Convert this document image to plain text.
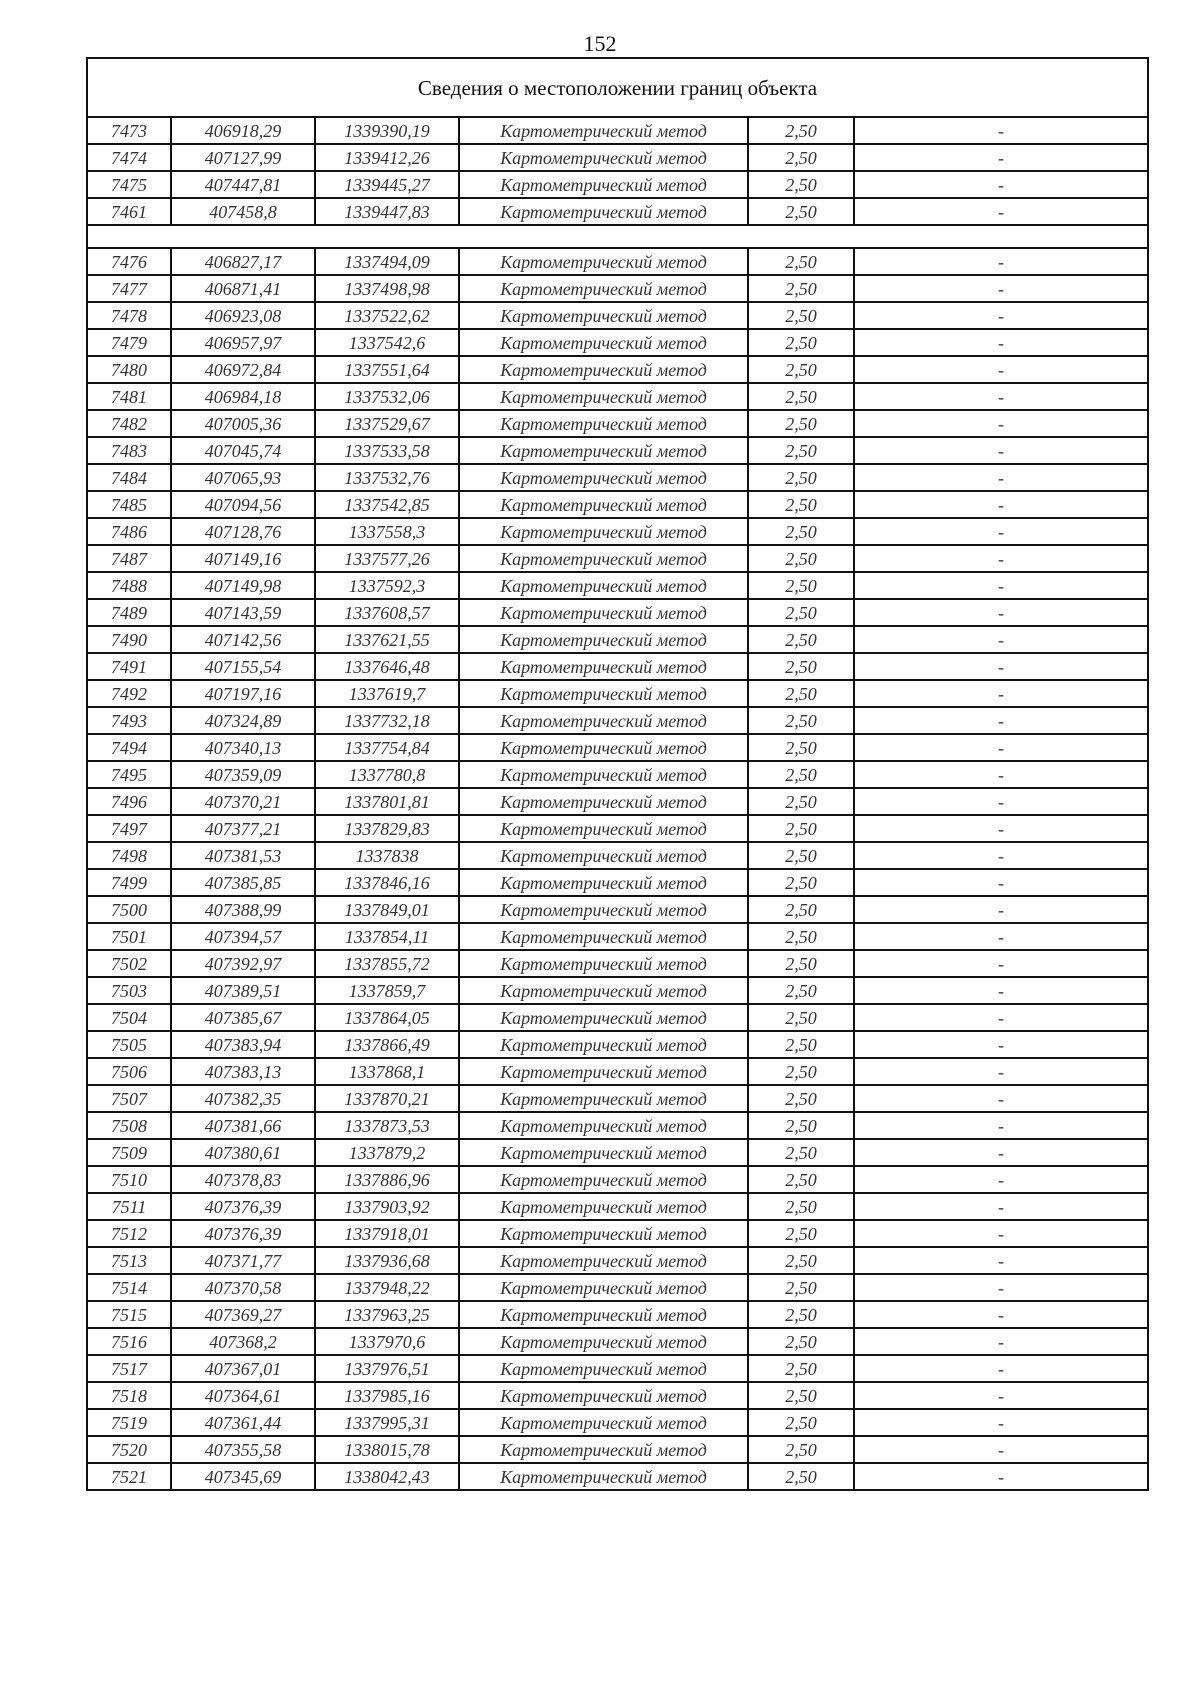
152
Сведения о местоположении границ объекта					
7473	406918,29	1339390,19	Картометрический метод	2,50	-
7474	407127,99	1339412,26	Картометрический метод	2,50	-
7475	407447,81	1339445,27	Картометрический метод	2,50	-
7461	407458,8	1339447,83	Картометрический метод	2,50	-

7476	406827,17	1337494,09	Картометрический метод	2,50	-
7477	406871,41	1337498,98	Картометрический метод	2,50	-
7478	406923,08	1337522,62	Картометрический метод	2,50	-
7479	406957,97	1337542,6	Картометрический метод	2,50	-
7480	406972,84	1337551,64	Картометрический метод	2,50	-
7481	406984,18	1337532,06	Картометрический метод	2,50	-
7482	407005,36	1337529,67	Картометрический метод	2,50	-
7483	407045,74	1337533,58	Картометрический метод	2,50	-
7484	407065,93	1337532,76	Картометрический метод	2,50	-
7485	407094,56	1337542,85	Картометрический метод	2,50	-
7486	407128,76	1337558,3	Картометрический метод	2,50	-
7487	407149,16	1337577,26	Картометрический метод	2,50	-
7488	407149,98	1337592,3	Картометрический метод	2,50	-
7489	407143,59	1337608,57	Картометрический метод	2,50	-
7490	407142,56	1337621,55	Картометрический метод	2,50	-
7491	407155,54	1337646,48	Картометрический метод	2,50	-
7492	407197,16	1337619,7	Картометрический метод	2,50	-
7493	407324,89	1337732,18	Картометрический метод	2,50	-
7494	407340,13	1337754,84	Картометрический метод	2,50	-
7495	407359,09	1337780,8	Картометрический метод	2,50	-
7496	407370,21	1337801,81	Картометрический метод	2,50	-
7497	407377,21	1337829,83	Картометрический метод	2,50	-
7498	407381,53	1337838	Картометрический метод	2,50	-
7499	407385,85	1337846,16	Картометрический метод	2,50	-
7500	407388,99	1337849,01	Картометрический метод	2,50	-
7501	407394,57	1337854,11	Картометрический метод	2,50	-
7502	407392,97	1337855,72	Картометрический метод	2,50	-
7503	407389,51	1337859,7	Картометрический метод	2,50	-
7504	407385,67	1337864,05	Картометрический метод	2,50	-
7505	407383,94	1337866,49	Картометрический метод	2,50	-
7506	407383,13	1337868,1	Картометрический метод	2,50	-
7507	407382,35	1337870,21	Картометрический метод	2,50	-
7508	407381,66	1337873,53	Картометрический метод	2,50	-
7509	407380,61	1337879,2	Картометрический метод	2,50	-
7510	407378,83	1337886,96	Картометрический метод	2,50	-
7511	407376,39	1337903,92	Картометрический метод	2,50	-
7512	407376,39	1337918,01	Картометрический метод	2,50	-
7513	407371,77	1337936,68	Картометрический метод	2,50	-
7514	407370,58	1337948,22	Картометрический метод	2,50	-
7515	407369,27	1337963,25	Картометрический метод	2,50	-
7516	407368,2	1337970,6	Картометрический метод	2,50	-
7517	407367,01	1337976,51	Картометрический метод	2,50	-
7518	407364,61	1337985,16	Картометрический метод	2,50	-
7519	407361,44	1337995,31	Картометрический метод	2,50	-
7520	407355,58	1338015,78	Картометрический метод	2,50	-
7521	407345,69	1338042,43	Картометрический метод	2,50	-
